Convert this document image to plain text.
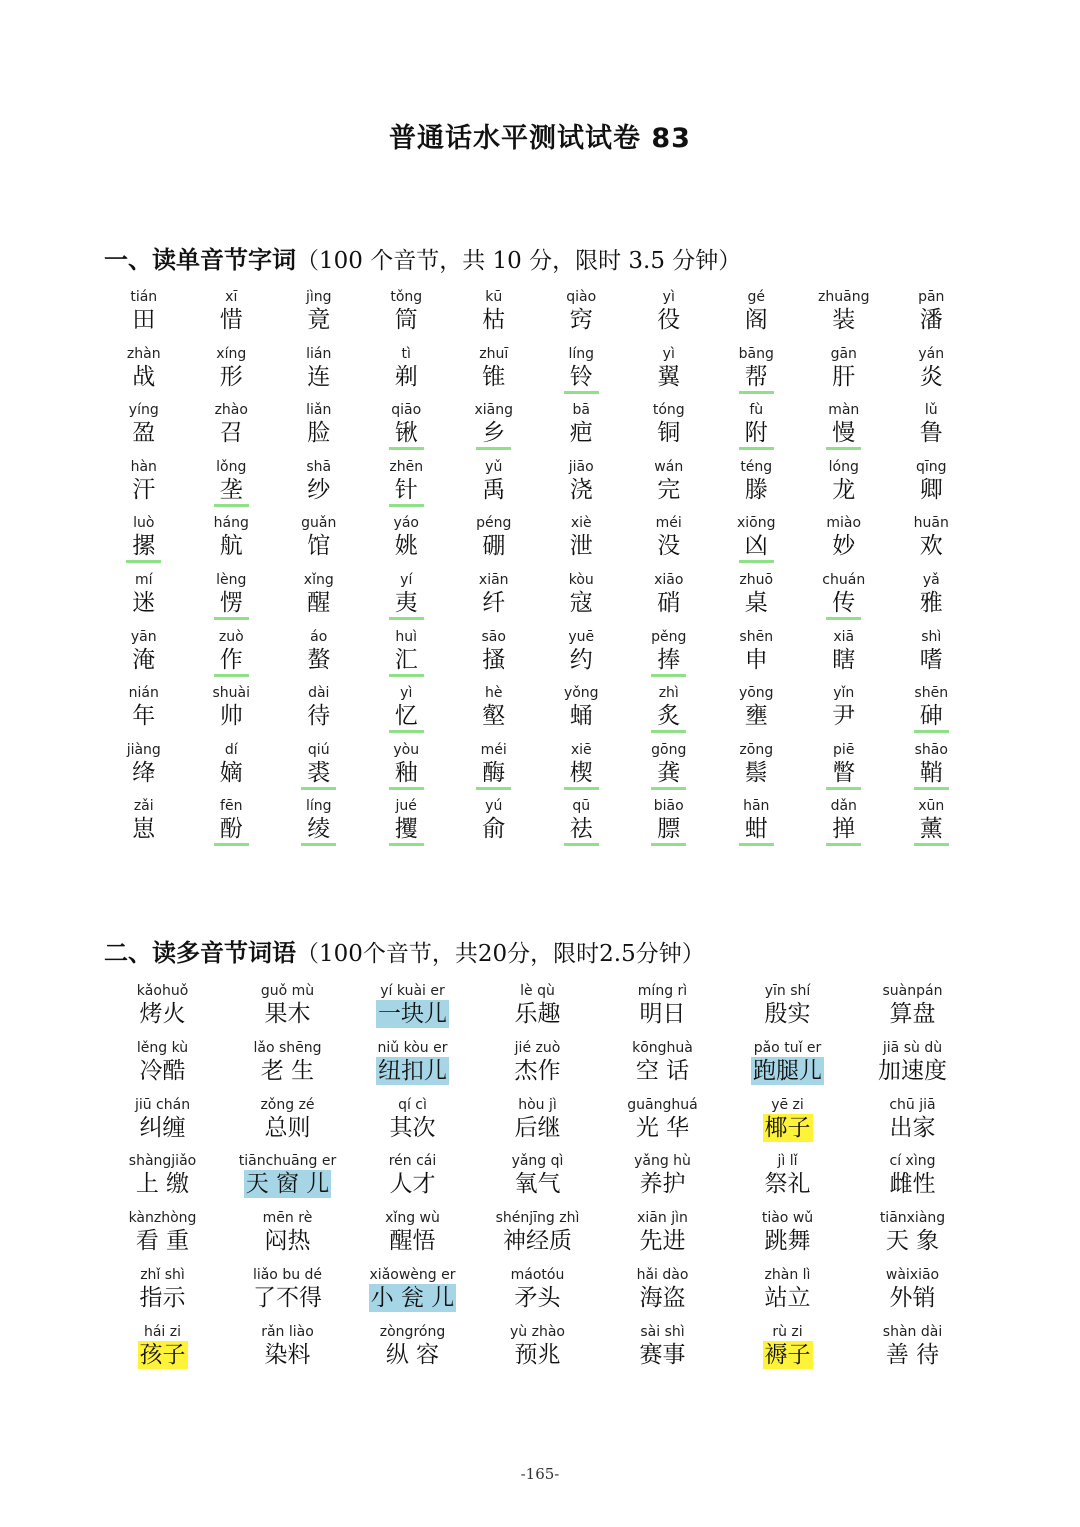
普通话水平测试试卷 83
一、读单音节字词（100 个音节，共 10 分，限时 3.5 分钟）
tián
田
xī
惜
jìng
竟
tǒng
筒
kū
枯
qiào
窍
yì
役
gé
阁
zhuāng
装
pān
潘
zhàn
战
xíng
形
lián
连
tì
剃
zhuī
锥
líng
铃
yì
翼
bāng
帮
gān
肝
yán
炎
yíng
盈
zhào
召
liǎn
脸
qiāo
锹
xiāng
乡
bā
疤
tóng
铜
fù
附
màn
慢
lǔ
鲁
hàn
汗
lǒng
垄
shā
纱
zhēn
针
yǔ
禹
jiāo
浇
wán
完
téng
滕
lóng
龙
qīng
卿
luò
摞
háng
航
guǎn
馆
yáo
姚
péng
硼
xiè
泄
méi
没
xiōng
凶
miào
妙
huān
欢
mí
迷
lèng
愣
xǐng
醒
yí
夷
xiān
纤
kòu
寇
xiāo
硝
zhuō
桌
chuán
传
yǎ
雅
yān
淹
zuò
作
áo
螯
huì
汇
sāo
搔
yuē
约
pěng
捧
shēn
申
xiā
瞎
shì
嗜
nián
年
shuài
帅
dài
待
yì
忆
hè
壑
yǒng
蛹
zhì
炙
yōng
壅
yǐn
尹
shēn
砷
jiàng
绛
dí
嫡
qiú
裘
yòu
釉
méi
酶
xiē
楔
gōng
龚
zōng
鬃
piē
瞥
shāo
鞘
zǎi
崽
fēn
酚
líng
绫
jué
攫
yú
俞
qū
祛
biāo
膘
hān
蚶
dǎn
掸
xūn
薰
二、读多音节词语（100个音节，共20分，限时2.5分钟）
kǎohuǒ
烤火
guǒ mù
果木
yí kuài er
一块儿
lè qù
乐趣
míng rì
明日
yīn shí
殷实
suànpán
算盘
lěng kù
冷酷
lǎo shēng
老 生
niǔ kòu er
纽扣儿
jié zuò
杰作
kōnghuà
空 话
pǎo tuǐ er
跑腿儿
jiā sù dù
加速度
jiū chán
纠缠
zǒng zé
总则
qí cì
其次
hòu jì
后继
guānghuá
光 华
yē zi
椰子
chū jiā
出家
shàngjiǎo
上 缴
tiānchuāng er
天 窗 儿
rén cái
人才
yǎng qì
氧气
yǎng hù
养护
jì lǐ
祭礼
cí xìng
雌性
kànzhòng
看 重
mēn rè
闷热
xǐng wù
醒悟
shénjīng zhì
神经质
xiān jìn
先进
tiào wǔ
跳舞
tiānxiàng
天 象
zhǐ shì
指示
liǎo bu dé
了不得
xiǎowèng er
小 瓮 儿
máotóu
矛头
hǎi dào
海盗
zhàn lì
站立
wàixiāo
外销
hái zi
孩子
rǎn liào
染料
zòngróng
纵 容
yù zhào
预兆
sài shì
赛事
rù zi
褥子
shàn dài
善 待
-165-
